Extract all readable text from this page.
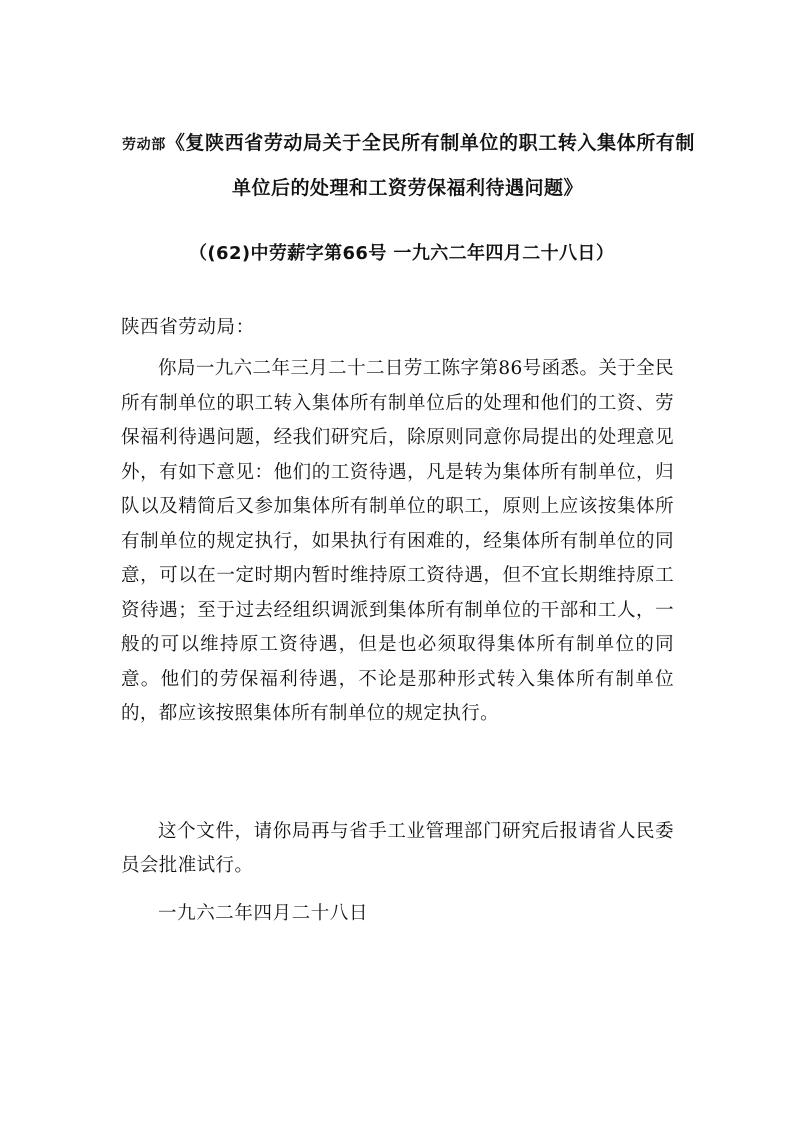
劳动部《复陕西省劳动局关于全民所有制单位的职工转入集体所有制
单位后的处理和工资劳保福利待遇问题》
（(62)中劳薪字第66号 一九六二年四月二十八日）
陕西省劳动局：

你局一九六二年三月二十二日劳工陈字第86号函悉。关于全民所有制单位的职工转入集体所有制单位后的处理和他们的工资、劳保福利待遇问题，经我们研究后，除原则同意你局提出的处理意见外，有如下意见：他们的工资待遇，凡是转为集体所有制单位，归队以及精简后又参加集体所有制单位的职工，原则上应该按集体所有制单位的规定执行，如果执行有困难的，经集体所有制单位的同意，可以在一定时期内暂时维持原工资待遇，但不宜长期维持原工资待遇；至于过去经组织调派到集体所有制单位的干部和工人，一般的可以维持原工资待遇，但是也必须取得集体所有制单位的同意。他们的劳保福利待遇，不论是那种形式转入集体所有制单位的，都应该按照集体所有制单位的规定执行。

这个文件，请你局再与省手工业管理部门研究后报请省人民委员会批准试行。

一九六二年四月二十八日
